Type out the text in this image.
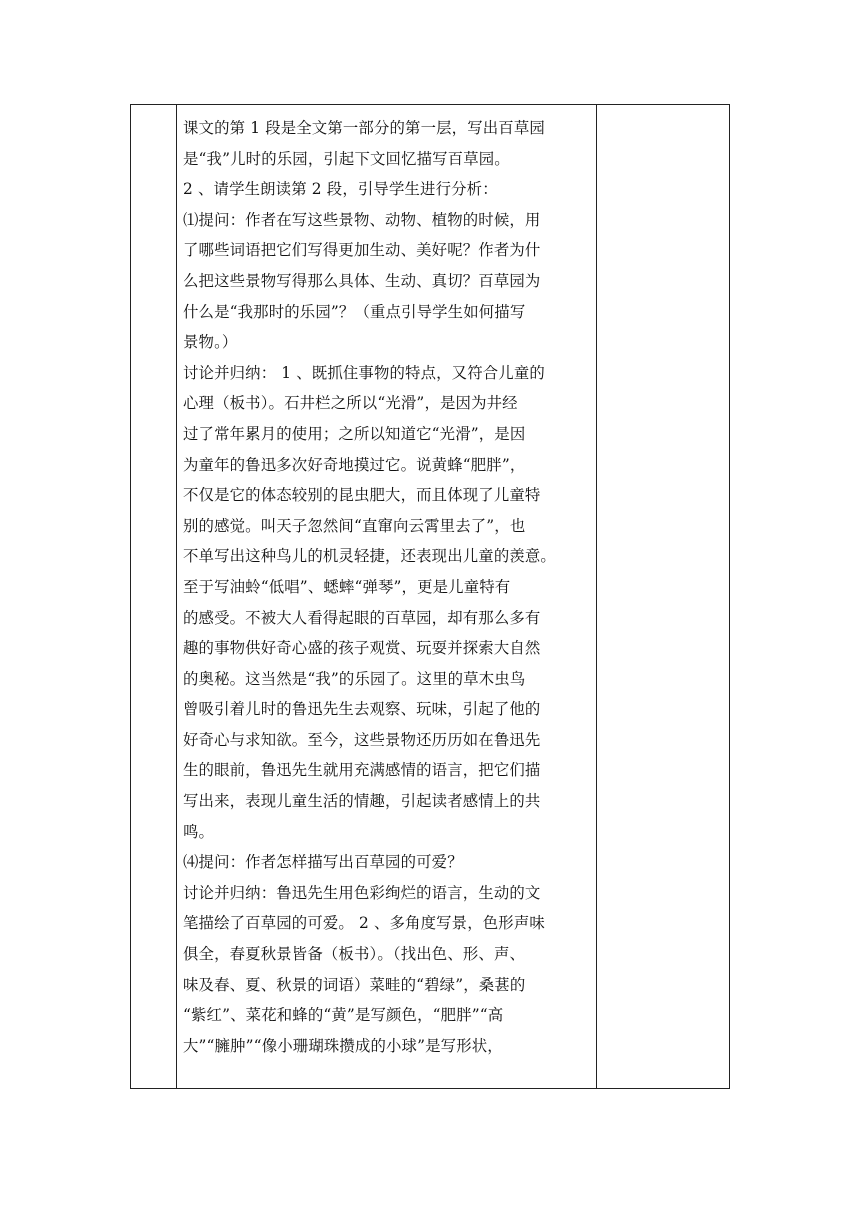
课文的第 1 段是全文第一部分的第一层，写出百草园

是“我”儿时的乐园，引起下文回忆描写百草园。

2 、请学生朗读第 2 段，引导学生进行分析：

⑴提问：作者在写这些景物、动物、植物的时候，用

了哪些词语把它们写得更加生动、美好呢？作者为什

么把这些景物写得那么具体、生动、真切？百草园为

什么是“我那时的乐园”？（重点引导学生如何描写

景物。）

讨论并归纳： 1 、既抓住事物的特点，又符合儿童的

心理（板书）。石井栏之所以“光滑”，是因为井经

过了常年累月的使用；之所以知道它“光滑”，是因

为童年的鲁迅多次好奇地摸过它。说黄蜂“肥胖”，

不仅是它的体态较别的昆虫肥大，而且体现了儿童特

别的感觉。叫天子忽然间“直窜向云霄里去了”，也

不单写出这种鸟儿的机灵轻捷，还表现出儿童的羡意。

至于写油蛉“低唱”、蟋蟀“弹琴”，更是儿童特有

的感受。不被大人看得起眼的百草园，却有那么多有

趣的事物供好奇心盛的孩子观赏、玩耍并探索大自然

的奥秘。这当然是“我”的乐园了。这里的草木虫鸟

曾吸引着儿时的鲁迅先生去观察、玩味，引起了他的

好奇心与求知欲。至今，这些景物还历历如在鲁迅先

生的眼前，鲁迅先生就用充满感情的语言，把它们描

写出来，表现儿童生活的情趣，引起读者感情上的共

鸣。

⑷提问：作者怎样描写出百草园的可爱？

讨论并归纳：鲁迅先生用色彩绚烂的语言，生动的文

笔描绘了百草园的可爱。 2 、多角度写景，色形声味

俱全，春夏秋景皆备（板书）。（找出色、形、声、

味及春、夏、秋景的词语）菜畦的“碧绿”，桑葚的

“紫红”、菜花和蜂的“黄”是写颜色，“肥胖”“高

大”“臃肿”“像小珊瑚珠攒成的小球”是写形状，
